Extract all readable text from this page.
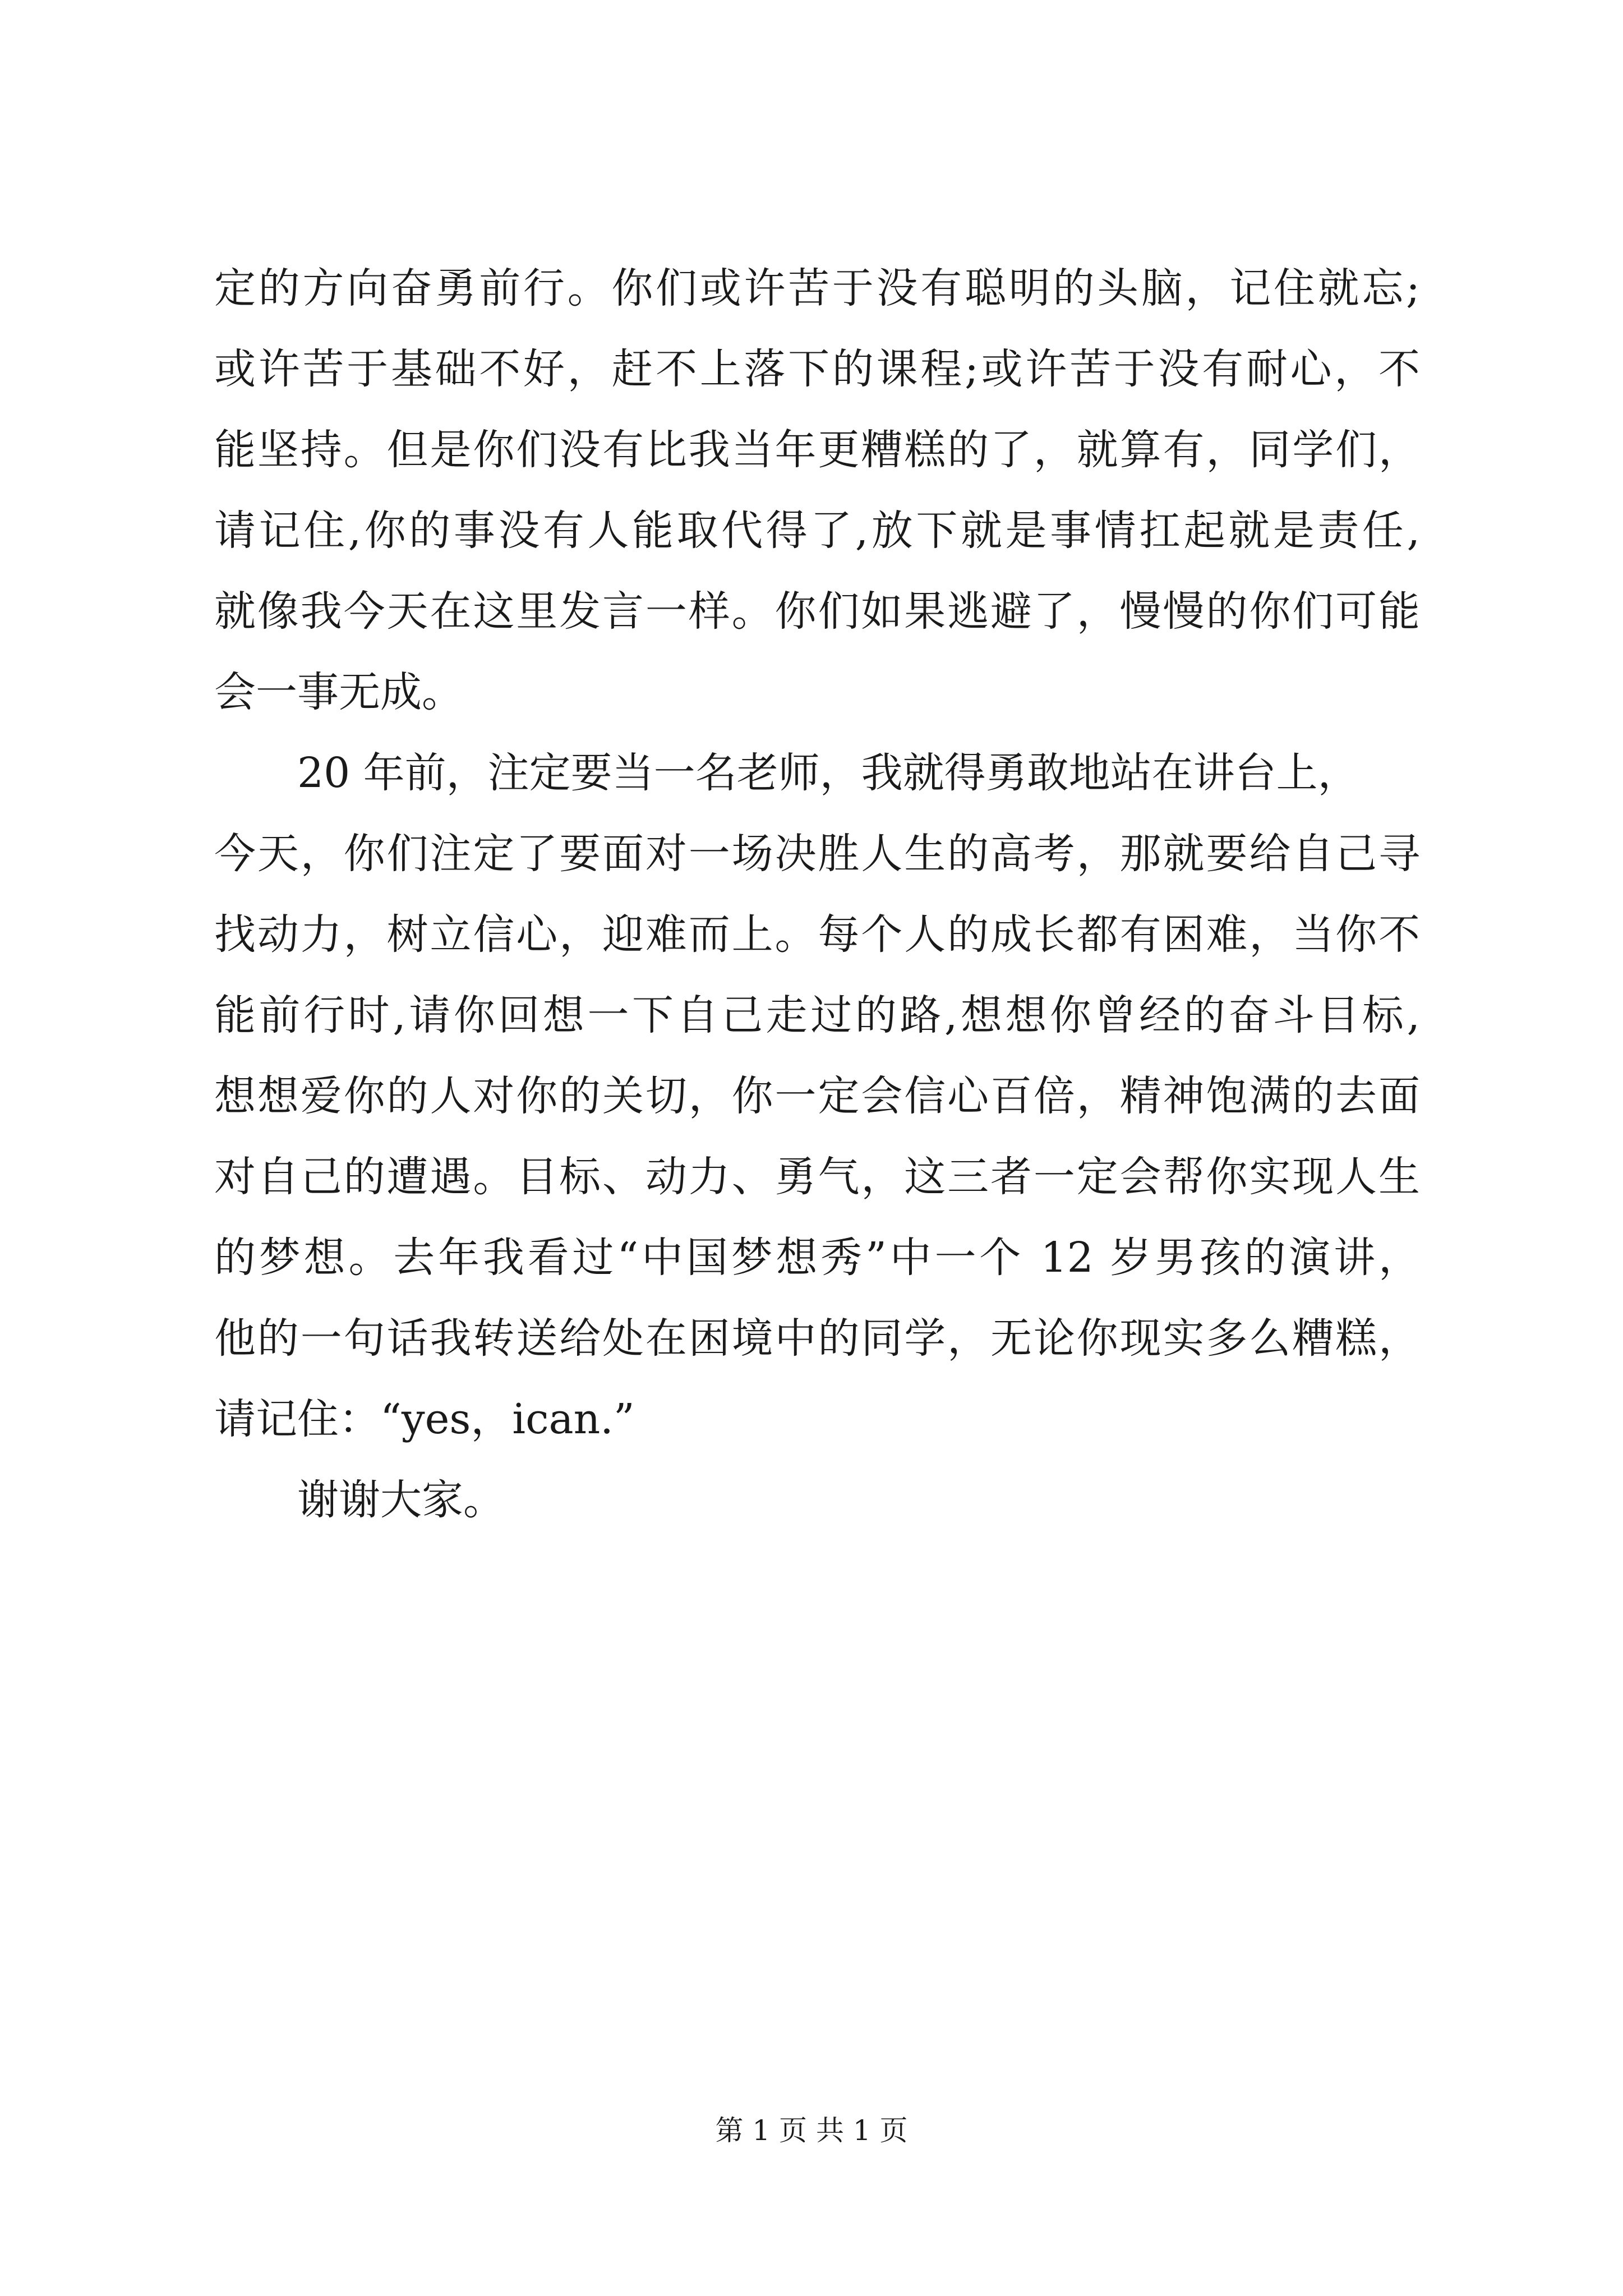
定的方向奋勇前行。你们或许苦于没有聪明的头脑，记住就忘;
或许苦于基础不好，赶不上落下的课程;或许苦于没有耐心，不
能坚持。但是你们没有比我当年更糟糕的了，就算有，同学们，
请记住,你的事没有人能取代得了,放下就是事情扛起就是责任,
就像我今天在这里发言一样。你们如果逃避了，慢慢的你们可能
会一事无成。
20 年前，注定要当一名老师，我就得勇敢地站在讲台上，
今天，你们注定了要面对一场决胜人生的高考，那就要给自己寻
找动力，树立信心，迎难而上。每个人的成长都有困难，当你不
能前行时,请你回想一下自己走过的路,想想你曾经的奋斗目标,
想想爱你的人对你的关切，你一定会信心百倍，精神饱满的去面
对自己的遭遇。目标、动力、勇气，这三者一定会帮你实现人生
的梦想。去年我看过“中国梦想秀”中一个 12 岁男孩的演讲，
他的一句话我转送给处在困境中的同学，无论你现实多么糟糕，
请记住：“yes，ican.”
谢谢大家。
第 1 页 共 1 页
